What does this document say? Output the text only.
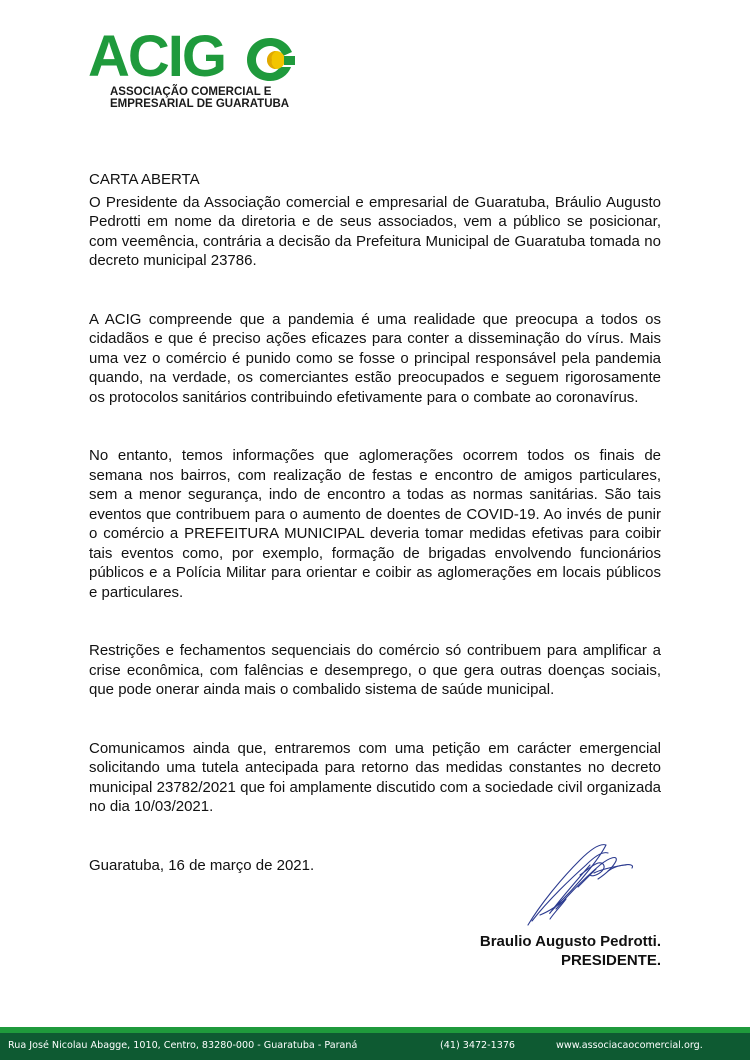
ACIG
ASSOCIAÇÃO COMERCIAL E
EMPRESARIAL DE GUARATUBA

CARTA ABERTA

O Presidente da Associação comercial e empresarial de Guaratuba, Bráulio Augusto Pedrotti em nome da diretoria e de seus associados, vem a público se posicionar, com veemência, contrária a decisão da Prefeitura Municipal de Guaratuba tomada no decreto municipal 23786.

A ACIG compreende que a pandemia é uma realidade que preocupa a todos os cidadãos e que é preciso ações eficazes para conter a disseminação do vírus. Mais uma vez o comércio é punido como se fosse o principal responsável pela pandemia quando, na verdade, os comerciantes estão preocupados e seguem rigorosamente os protocolos sanitários contribuindo efetivamente para o combate ao coronavírus.

No entanto, temos informações que aglomerações ocorrem todos os finais de semana nos bairros, com realização de festas e encontro de amigos particulares, sem a menor segurança, indo de encontro a todas as normas sanitárias. São tais eventos que contribuem para o aumento de doentes de COVID-19. Ao invés de punir o comércio a PREFEITURA MUNICIPAL deveria tomar medidas efetivas para coibir tais eventos como, por exemplo, formação de brigadas envolvendo funcionários públicos e a Polícia Militar para orientar e coibir as aglomerações em locais públicos e particulares.

Restrições e fechamentos sequenciais do comércio só contribuem para amplificar a crise econômica, com falências e desemprego, o que gera outras doenças sociais, que pode onerar ainda mais o combalido sistema de saúde municipal.

Comunicamos ainda que, entraremos com uma petição em carácter emergencial solicitando uma tutela antecipada para retorno das medidas constantes no decreto municipal 23782/2021 que foi amplamente discutido com a sociedade civil organizada no dia 10/03/2021.

Guaratuba, 16 de março de 2021.

Braulio Augusto Pedrotti.
PRESIDENTE.
Rua José Nicolau Abagge, 1010, Centro, 83280-000 - Guaratuba - Paraná	(41) 3472-1376	www.associacaocomercial.org.
